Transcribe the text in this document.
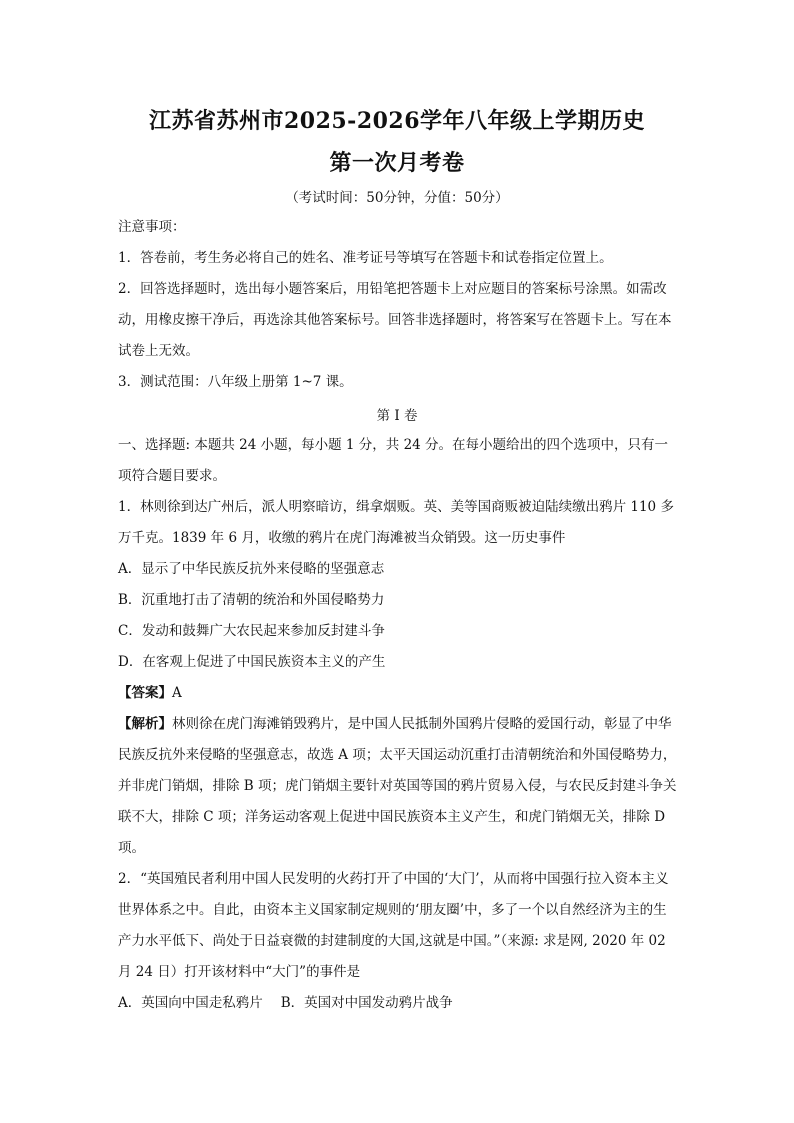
江苏省苏州市2025-2026学年八年级上学期历史
第一次月考卷
（考试时间：50分钟，分值：50分）
注意事项：
1．答卷前，考生务必将自己的姓名、准考证号等填写在答题卡和试卷指定位置上。
2．回答选择题时，选出每小题答案后，用铅笔把答题卡上对应题目的答案标号涂黑。如需改动，用橡皮擦干净后，再选涂其他答案标号。回答非选择题时，将答案写在答题卡上。写在本试卷上无效。
3．测试范围：八年级上册第 1~7 课。
第 I 卷
一、选择题: 本题共 24 小题，每小题 1 分，共 24 分。在每小题给出的四个选项中，只有一项符合题目要求。
1．林则徐到达广州后，派人明察暗访，缉拿烟贩。英、美等国商贩被迫陆续缴出鸦片 110 多万千克。1839 年 6 月，收缴的鸦片在虎门海滩被当众销毁。这一历史事件
A．显示了中华民族反抗外来侵略的坚强意志
B．沉重地打击了清朝的统治和外国侵略势力
C．发动和鼓舞广大农民起来参加反封建斗争
D．在客观上促进了中国民族资本主义的产生
【答案】A
【解析】林则徐在虎门海滩销毁鸦片，是中国人民抵制外国鸦片侵略的爱国行动，彰显了中华民族反抗外来侵略的坚强意志，故选 A 项；太平天国运动沉重打击清朝统治和外国侵略势力，并非虎门销烟，排除 B 项；虎门销烟主要针对英国等国的鸦片贸易入侵，与农民反封建斗争关联不大，排除 C 项；洋务运动客观上促进中国民族资本主义产生，和虎门销烟无关，排除 D 项。
2．“英国殖民者利用中国人民发明的火药打开了中国的‘大门’，从而将中国强行拉入资本主义世界体系之中。自此，由资本主义国家制定规则的‘朋友圈’中，多了一个以自然经济为主的生产力水平低下、尚处于日益衰微的封建制度的大国,这就是中国。”（来源: 求是网, 2020 年 02 月 24 日）打开该材料中“大门”的事件是
A．英国向中国走私鸦片 B．英国对中国发动鸦片战争
